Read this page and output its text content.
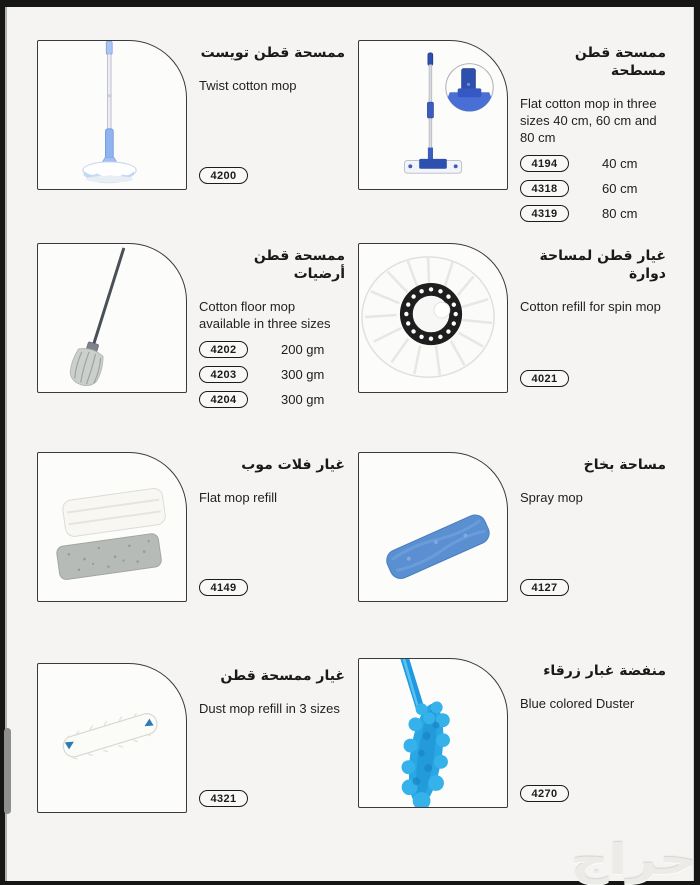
ممسحة قطن تويست
Twist cotton mop
4200
ممسحة قطن مسطحة
Flat cotton mop in three sizes 40 cm, 60 cm and 80 cm
4194	40 cm
4318	60 cm
4319	80 cm
ممسحة قطن أرضيات
Cotton floor mop available in three sizes
4202	200 gm
4203	300 gm
4204	300 gm
غيار قطن لمساحة دوارة
Cotton refill for spin mop
4021
غيار فلات موب
Flat mop refill
4149
مساحة بخاخ
Spray mop
4127
غيار ممسحة قطن
Dust mop refill in 3 sizes
4321
منفضة غبار زرقاء
Blue colored Duster
4270
حراج
